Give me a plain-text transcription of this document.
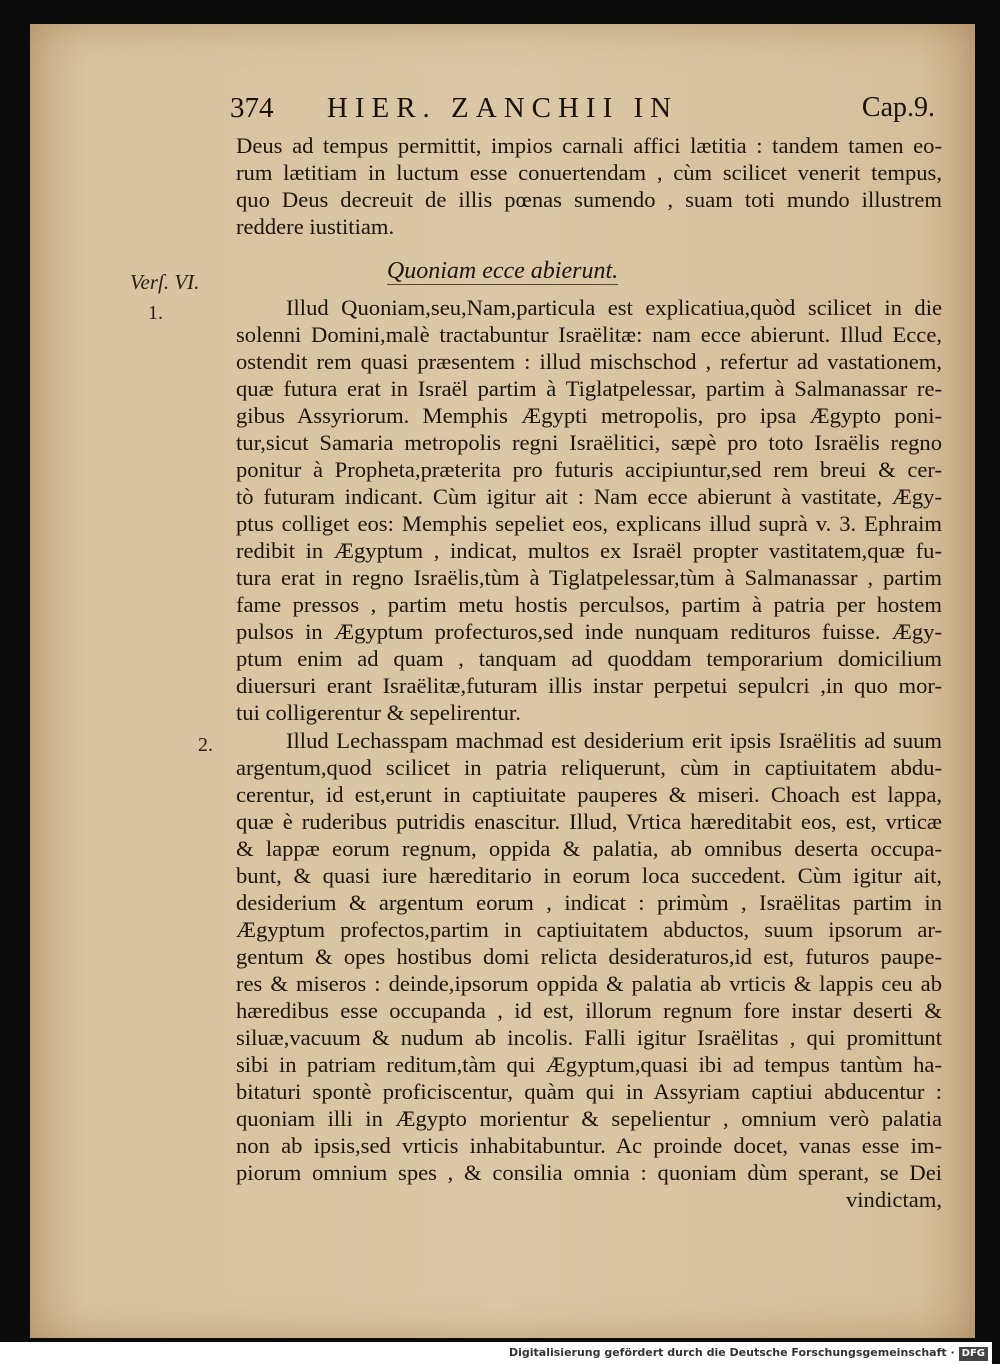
374	HIER. ZANCHII IN	Cap.9.
Deus ad tempus permittit, impios carnali affici lætitia : tandem tamen eo-
rum lætitiam in luctum esse conuertendam , cùm scilicet venerit tempus,
quo Deus decreuit de illis pœnas sumendo , suam toti mundo illustrem
reddere iustitiam.
Verſ. VI.	Quoniam ecce abierunt.
1.	Illud Quoniam,seu,Nam,particula est explicatiua,quòd scilicet in die
solenni Domini,malè tractabuntur Israëlitæ: nam ecce abierunt. Illud Ecce,
ostendit rem quasi præsentem : illud mischschod , refertur ad vastationem,
quæ futura erat in Israël partim à Tiglatpelessar, partim à Salmanassar re-
gibus Assyriorum. Memphis Ægypti metropolis, pro ipsa Ægypto poni-
tur,sicut Samaria metropolis regni Israëlitici, sæpè pro toto Israëlis regno
ponitur à Propheta,præterita pro futuris accipiuntur,sed rem breui & cer-
tò futuram indicant. Cùm igitur ait : Nam ecce abierunt à vastitate, Ægy-
ptus colliget eos: Memphis sepeliet eos, explicans illud suprà v. 3. Ephraim
redibit in Ægyptum , indicat, multos ex Israël propter vastitatem,quæ fu-
tura erat in regno Israëlis,tùm à Tiglatpelessar,tùm à Salmanassar , partim
fame pressos , partim metu hostis perculsos, partim à patria per hostem
pulsos in Ægyptum profecturos,sed inde nunquam redituros fuisse. Ægy-
ptum enim ad quam , tanquam ad quoddam temporarium domicilium
diuersuri erant Israëlitæ,futuram illis instar perpetui sepulcri ,in quo mor-
tui colligerentur & sepelirentur.
2.	Illud Lechasspam machmad est desiderium erit ipsis Israëlitis ad suum
argentum,quod scilicet in patria reliquerunt, cùm in captiuitatem abdu-
cerentur, id est,erunt in captiuitate pauperes & miseri. Choach est lappa,
quæ è ruderibus putridis enascitur. Illud, Vrtica hæreditabit eos, est, vrticæ
& lappæ eorum regnum, oppida & palatia, ab omnibus deserta occupa-
bunt, & quasi iure hæreditario in eorum loca succedent. Cùm igitur ait,
desiderium & argentum eorum , indicat : primùm , Israëlitas partim in
Ægyptum profectos,partim in captiuitatem abductos, suum ipsorum ar-
gentum & opes hostibus domi relicta desideraturos,id est, futuros paupe-
res & miseros : deinde,ipsorum oppida & palatia ab vrticis & lappis ceu ab
hæredibus esse occupanda , id est, illorum regnum fore instar deserti &
siluæ,vacuum & nudum ab incolis. Falli igitur Israëlitas , qui promittunt
sibi in patriam reditum,tàm qui Ægyptum,quasi ibi ad tempus tantùm ha-
bitaturi spontè proficiscentur, quàm qui in Assyriam captiui abducentur :
quoniam illi in Ægypto morientur & sepelientur , omnium verò palatia
non ab ipsis,sed vrticis inhabitabuntur. Ac proinde docet, vanas esse im-
piorum omnium spes , & consilia omnia : quoniam dùm sperant, se Dei
vindictam,
Digitalisierung gefördert durch die Deutsche Forschungsgemeinschaft · DFG
